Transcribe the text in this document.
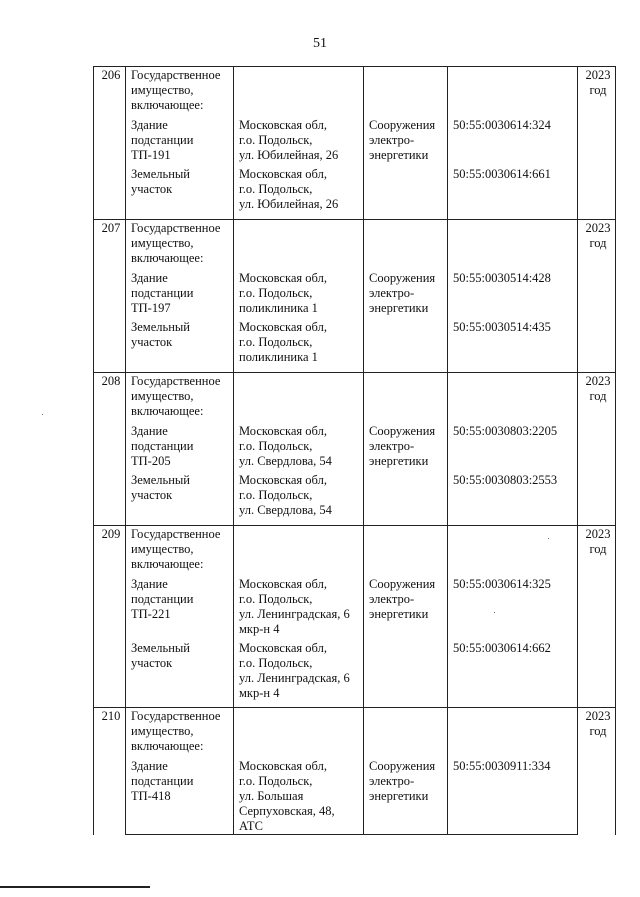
51
206	Государственное
имущество,
включающее:				2023
год

	Здание
подстанции
ТП-191	Московская обл,
г.о. Подольск,
ул. Юбилейная, 26	Сооружения
электро-
энергетики	50:55:0030614:324	

	Земельный
участок	Московская обл,
г.о. Подольск,
ул. Юбилейная, 26		50:55:0030614:661	

207	Государственное
имущество,
включающее:				2023
год

	Здание
подстанции
ТП-197	Московская обл,
г.о. Подольск,
поликлиника 1	Сооружения
электро-
энергетики	50:55:0030514:428	

	Земельный
участок	Московская обл,
г.о. Подольск,
поликлиника 1		50:55:0030514:435	

208	Государственное
имущество,
включающее:				2023
год

	Здание
подстанции
ТП-205	Московская обл,
г.о. Подольск,
ул. Свердлова, 54	Сооружения
электро-
энергетики	50:55:0030803:2205	

	Земельный
участок	Московская обл,
г.о. Подольск,
ул. Свердлова, 54		50:55:0030803:2553	

209	Государственное
имущество,
включающее:				2023
год

	Здание
подстанции
ТП-221	Московская обл,
г.о. Подольск,
ул. Ленинградская, 6
мкр-н 4	Сооружения
электро-
энергетики	50:55:0030614:325	

	Земельный
участок	Московская обл,
г.о. Подольск,
ул. Ленинградская, 6
мкр-н 4		50:55:0030614:662	

210	Государственное
имущество,
включающее:				2023
год

	Здание
подстанции
ТП-418	Московская обл,
г.о. Подольск,
ул. Большая
Серпуховская, 48,
АТС	Сооружения
электро-
энергетики	50:55:0030911:334	
